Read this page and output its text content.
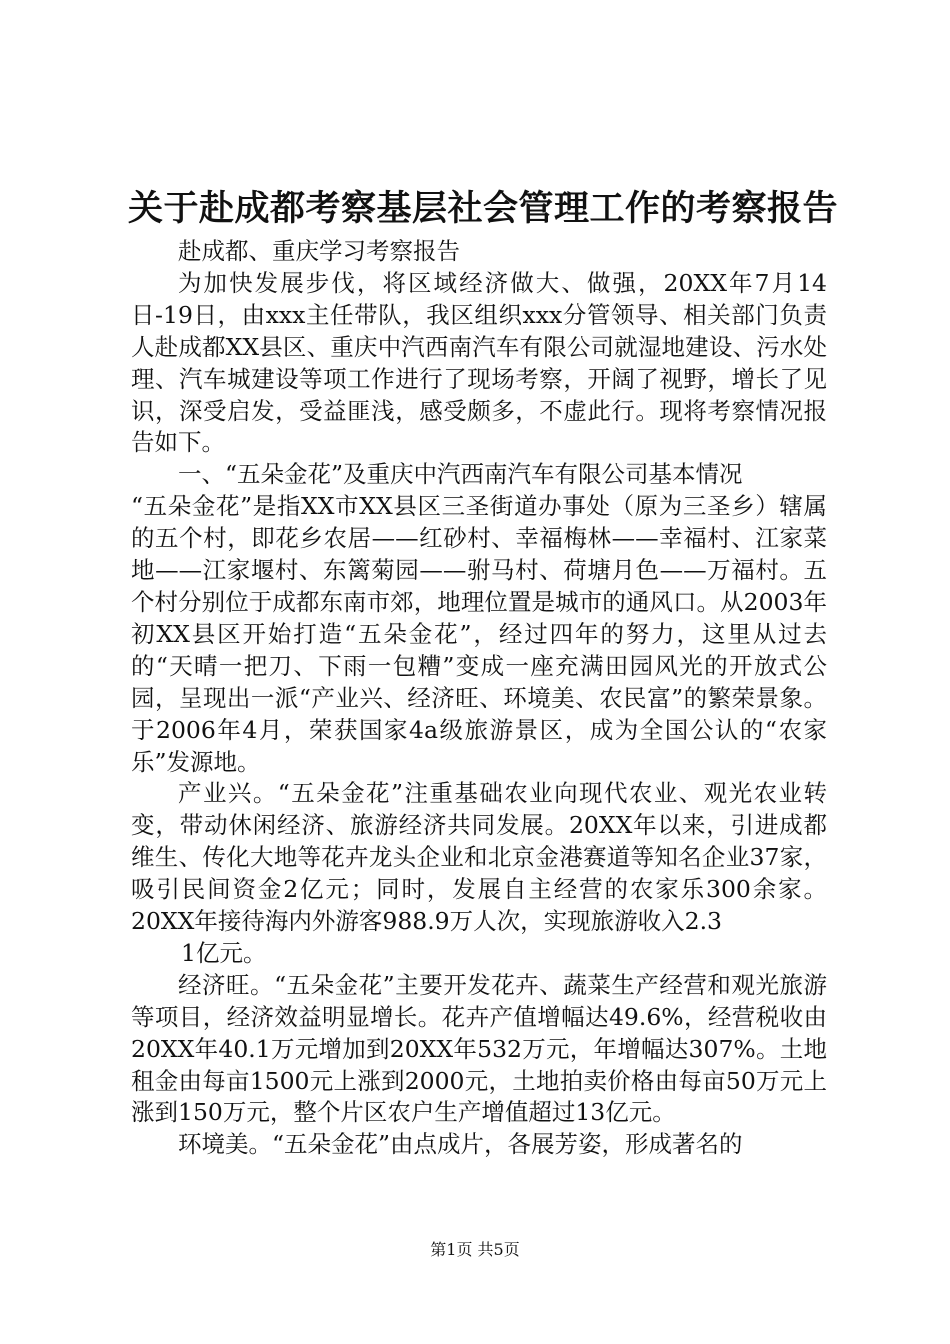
关于赴成都考察基层社会管理工作的考察报告

赴成都、重庆学习考察报告

为加快发展步伐，将区域经济做大、做强，20XX年7月14日-19日，由xxx主任带队，我区组织xxx分管领导、相关部门负责人赴成都XX县区、重庆中汽西南汽车有限公司就湿地建设、污水处理、汽车城建设等项工作进行了现场考察，开阔了视野，增长了见识，深受启发，受益匪浅，感受颇多，不虚此行。现将考察情况报告如下。

一、“五朵金花”及重庆中汽西南汽车有限公司基本情况

“五朵金花”是指XX市XX县区三圣街道办事处（原为三圣乡）辖属的五个村，即花乡农居——红砂村、幸福梅林——幸福村、江家菜地——江家堰村、东篱菊园——驸马村、荷塘月色——万福村。五个村分别位于成都东南市郊，地理位置是城市的通风口。从2003年初XX县区开始打造“五朵金花”，经过四年的努力，这里从过去的“天晴一把刀、下雨一包糟”变成一座充满田园风光的开放式公园，呈现出一派“产业兴、经济旺、环境美、农民富”的繁荣景象。于2006年4月，荣获国家4a级旅游景区，成为全国公认的“农家乐”发源地。

产业兴。“五朵金花”注重基础农业向现代农业、观光农业转变，带动休闲经济、旅游经济共同发展。20XX年以来，引进成都维生、传化大地等花卉龙头企业和北京金港赛道等知名企业37家，吸引民间资金2亿元；同时，发展自主经营的农家乐300余家。20XX年接待海内外游客988.9万人次，实现旅游收入2.3

1亿元。

经济旺。“五朵金花”主要开发花卉、蔬菜生产经营和观光旅游等项目，经济效益明显增长。花卉产值增幅达49.6%，经营税收由20XX年40.1万元增加到20XX年532万元，年增幅达307%。土地租金由每亩1500元上涨到2000元，土地拍卖价格由每亩50万元上涨到150万元，整个片区农户生产增值超过13亿元。

环境美。“五朵金花”由点成片，各展芳姿，形成著名的

第1页 共5页
